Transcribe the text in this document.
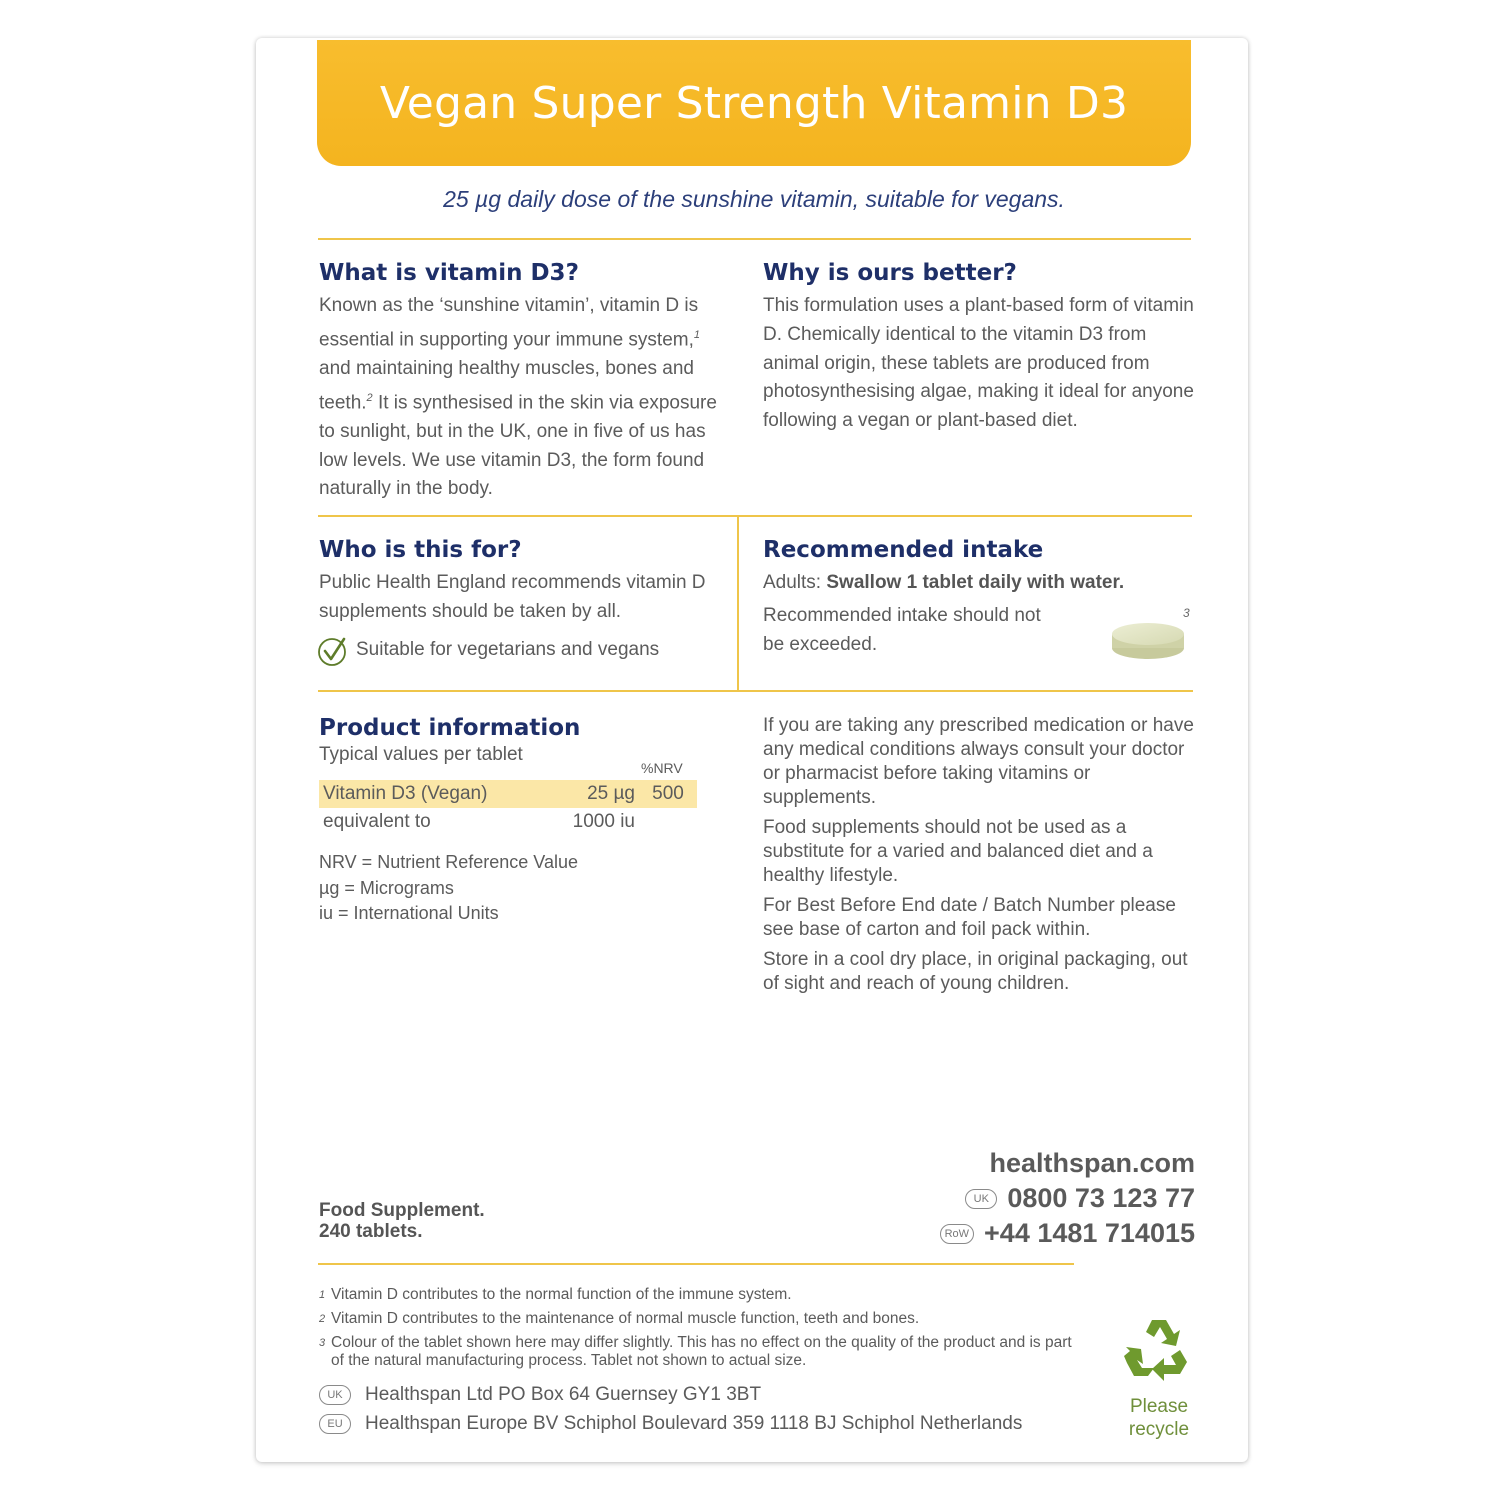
Vegan Super Strength Vitamin D3
25 µg daily dose of the sunshine vitamin, suitable for vegans.
What is vitamin D3?
Known as the ‘sunshine vitamin’, vitamin D is essential in supporting your immune system,$^1$ and maintaining healthy muscles, bones and teeth.$^2$ It is synthesised in the skin via exposure to sunlight, but in the UK, one in five of us has low levels. We use vitamin D3, the form found naturally in the body.
Why is ours better?
This formulation uses a plant-based form of vitamin D. Chemically identical to the vitamin D3 from animal origin, these tablets are produced from photosynthesising algae, making it ideal for anyone following a vegan or plant-based diet.
Who is this for?
Public Health England recommends vitamin D supplements should be taken by all.
Suitable for vegetarians and vegans
Recommended intake
Adults: Swallow 1 tablet daily with water.
Recommended intake should not be exceeded.
3
Product information
Typical values per tablet
%NRV
Vitamin D3 (Vegan)	25 µg	500
equivalent to	1000 iu	
NRV = Nutrient Reference Value
µg = Micrograms
iu = International Units

If you are taking any prescribed medication or have any medical conditions always consult your doctor or pharmacist before taking vitamins or supplements.

Food supplements should not be used as a substitute for a varied and balanced diet and a healthy lifestyle.

For Best Before End date / Batch Number please see base of carton and foil pack within.

Store in a cool dry place, in original packaging, out of sight and reach of young children.

healthspan.com
UK 0800 73 123 77
RoW +44 1481 714015
Food Supplement.
240 tablets.
1 Vitamin D contributes to the normal function of the immune system.
2 Vitamin D contributes to the maintenance of normal muscle function, teeth and bones.
3 Colour of the tablet shown here may differ slightly. This has no effect on the quality of the product and is part of the natural manufacturing process. Tablet not shown to actual size.
UK	Healthspan Ltd PO Box 64 Guernsey GY1 3BT
EU	Healthspan Europe BV Schiphol Boulevard 359 1118 BJ Schiphol Netherlands
Please
recycle
